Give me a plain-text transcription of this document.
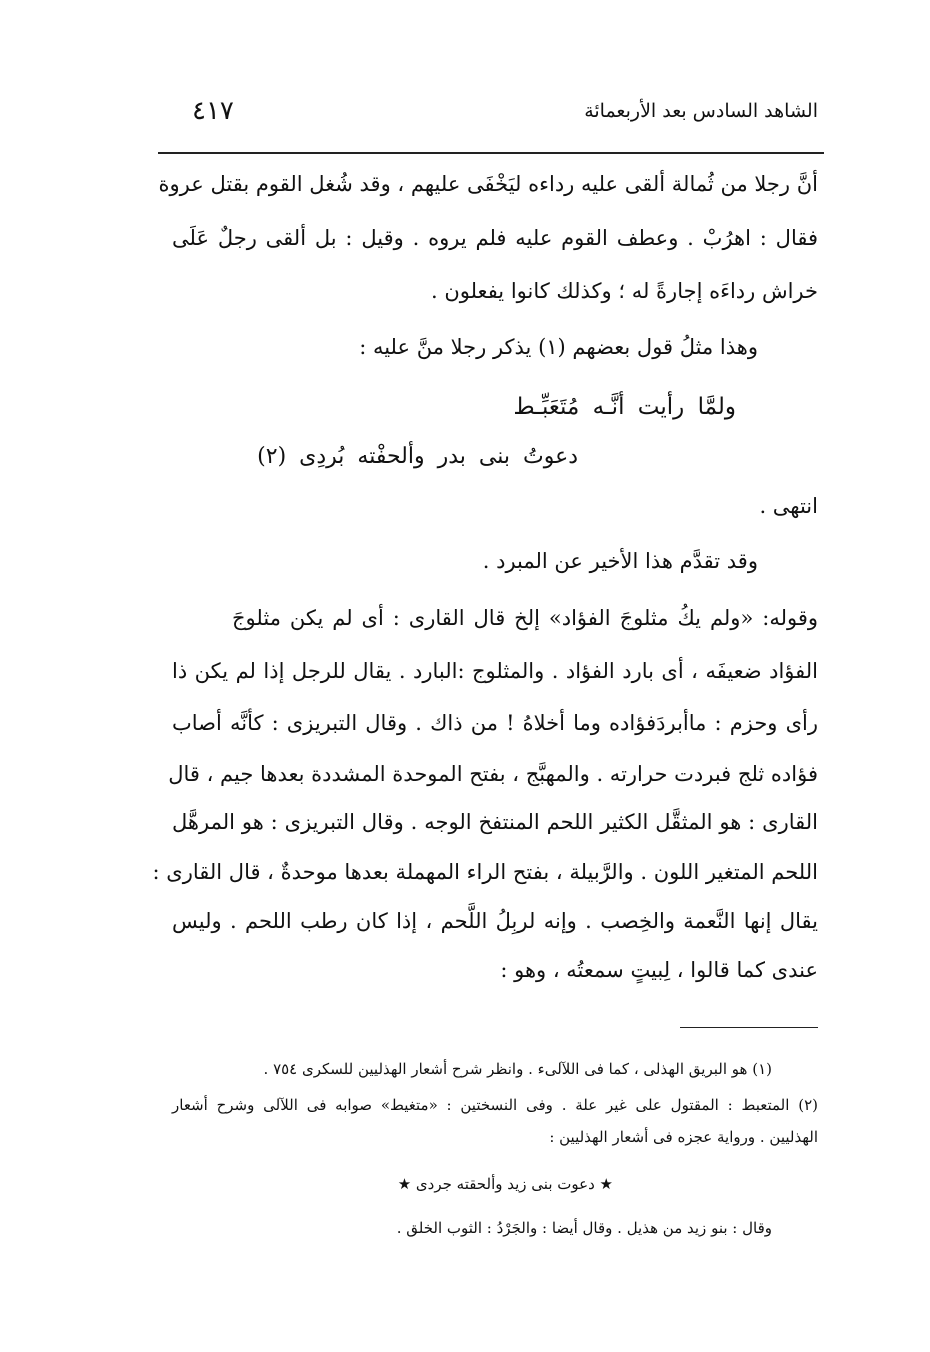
الشاهد السادس بعد الأربعمائة
٤١٧
أنَّ رجلا من ثُمالة ألقى عليه رداءه ليَخْفَى عليهم ، وقد شُغل القوم بقتل عروة
فقال : اهرُبْ . وعطف القوم عليه فلم يروه . وقيل : بل ألقى رجلٌ عَلَى
خراش رداءَه إجارةً له ؛ وكذلك كانوا يفعلون .
وهذا مثلُ قول بعضهم (١) يذكر رجلا منَّ عليه :
ولمَّا رأيت أنَّـه مُتَعَبِّـط
دعوتُ بنى بدر وألحفْته بُردِى (٢)
انتهى .
وقد تقدَّم هذا الأخير عن المبرد .
وقوله: «ولم يكُ مثلوجَ الفؤاد» إلخ قال القارى : أى لم يكن مثلوجَ
الفؤاد ضعيفَه ، أى بارد الفؤاد . والمثلوج :البارد . يقال للرجل إذا لم يكن ذا
رأى وحزم : ماأبردَفؤاده وما أخلاهُ ! من ذاك . وقال التبريزى : كأنَّه أصاب
فؤاده ثلج فبردت حرارته . والمهبَّج ، بفتح الموحدة المشددة بعدها جيم ، قال
القارى : هو المثقَّل الكثير اللحم المنتفخ الوجه . وقال التبريزى : هو المرهَّل
اللحم المتغير اللون . والرَّبيلة ، بفتح الراء المهملة بعدها موحدةٌ ، قال القارى :
يقال إنها النَّعمة والخِصب . وإنه لربِلُ اللَّحم ، إذا كان رطب اللحم . وليس
عندى كما قالوا ، لِبيتٍ سمعتُه ، وهو :
(١) هو البريق الهذلى ، كما فى اللآلىء . وانظر شرح أشعار الهذليين للسكرى ٧٥٤ .
(٢) المتعبط : المقتول على غير علة . وفى النسختين : «متغيط» صوابه فى اللآلى وشرح أشعار
الهذليين . ورواية عجزه فى أشعار الهذليين :
★ دعوت بنى زيد وألحقته جردى ★
وقال : بنو زيد من هذيل . وقال أيضا : والجَرْدُ : الثوب الخلق .
